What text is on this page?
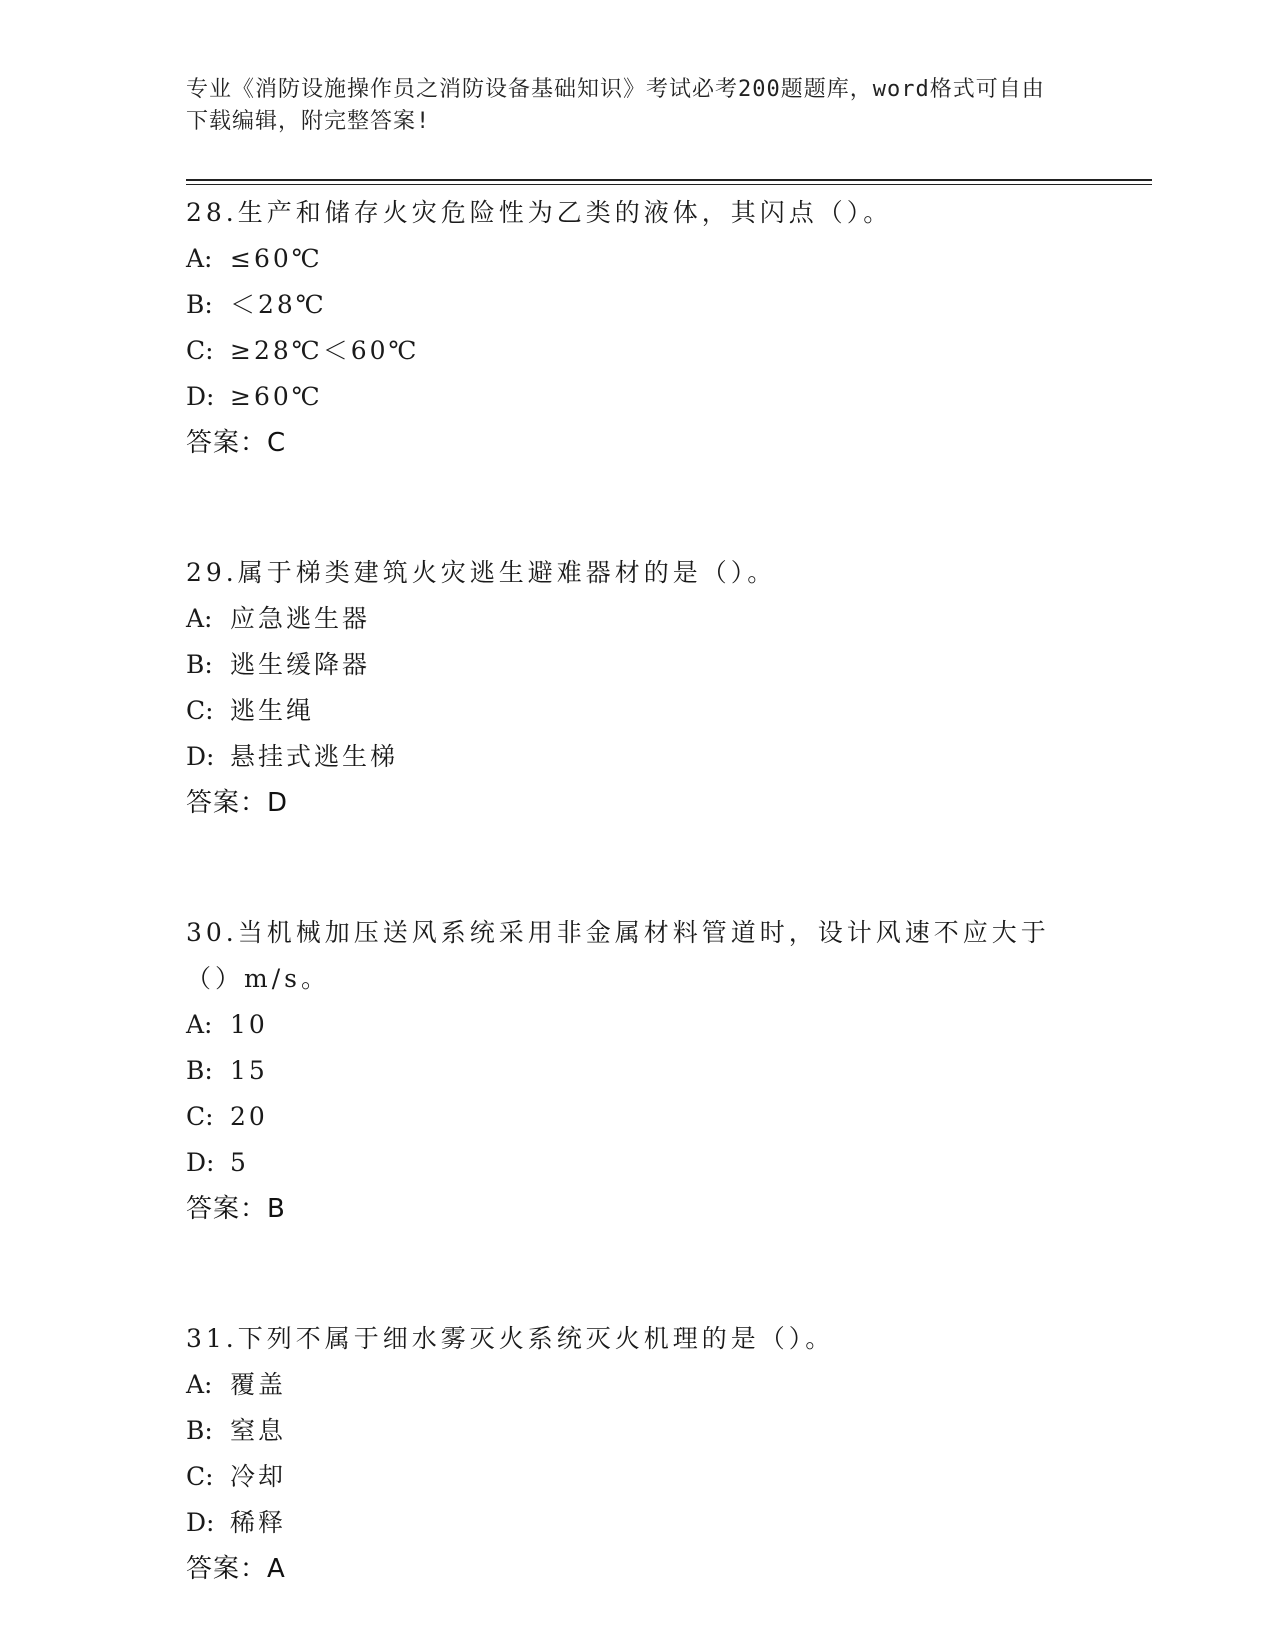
专业《消防设施操作员之消防设备基础知识》考试必考200题题库，word格式可自由下载编辑，附完整答案!
28.生产和储存火灾危险性为乙类的液体，其闪点（）。
A: ≤60℃
B: ＜28℃
C: ≥28℃＜60℃
D: ≥60℃
答案：C
29.属于梯类建筑火灾逃生避难器材的是（）。
A: 应急逃生器
B: 逃生缓降器
C: 逃生绳
D: 悬挂式逃生梯
答案：D
30.当机械加压送风系统采用非金属材料管道时，设计风速不应大于（）m/s。
A: 10
B: 15
C: 20
D: 5
答案：B
31.下列不属于细水雾灭火系统灭火机理的是（）。
A: 覆盖
B: 窒息
C: 冷却
D: 稀释
答案：A
